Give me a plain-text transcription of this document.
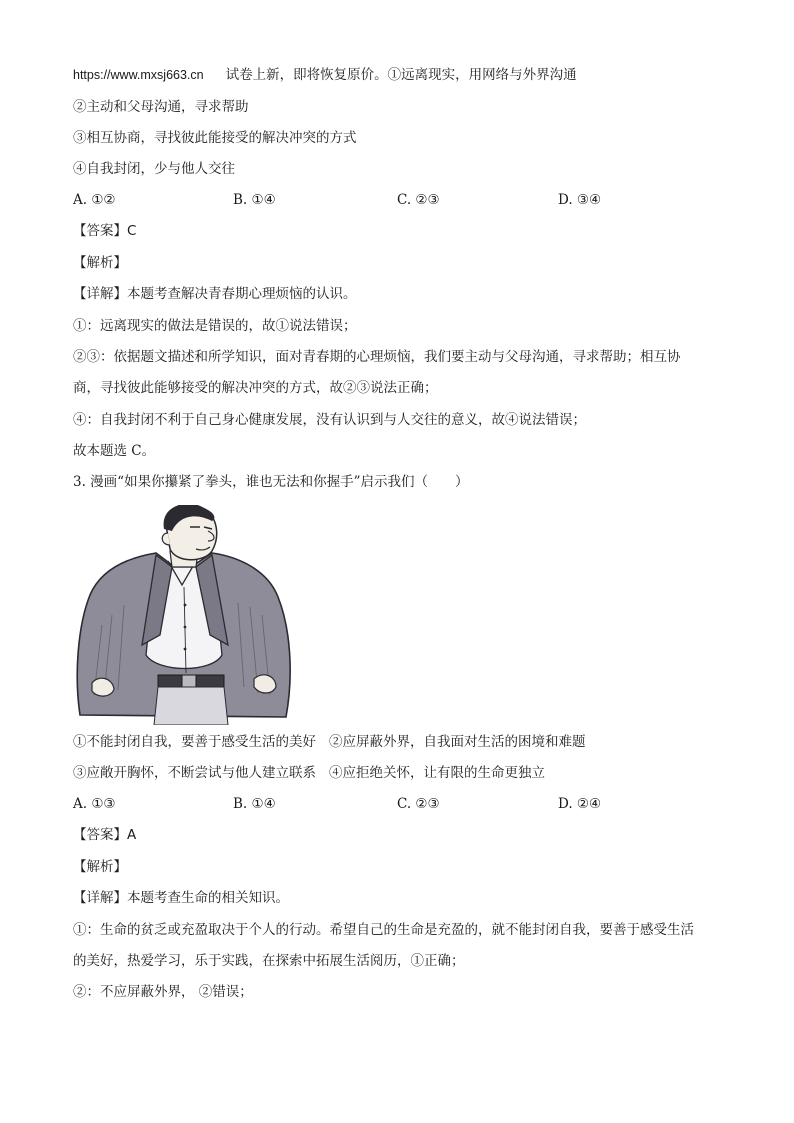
https://www.mxsj663.cn 试卷上新，即将恢复原价。①远离现实，用网络与外界沟通
②主动和父母沟通，寻求帮助
③相互协商，寻找彼此能接受的解决冲突的方式
④自我封闭，少与他人交往
A. ①②	B. ①④	C. ②③	D. ③④
【答案】C
【解析】
【详解】本题考查解决青春期心理烦恼的认识。
①：远离现实的做法是错误的，故①说法错误；
②③：依据题文描述和所学知识，面对青春期的心理烦恼，我们要主动与父母沟通，寻求帮助；相互协
商，寻找彼此能够接受的解决冲突的方式，故②③说法正确；
④：自我封闭不利于自己身心健康发展，没有认识到与人交往的意义，故④说法错误；
故本题选 C。
3. 漫画“如果你攥紧了拳头，谁也无法和你握手”启示我们（　　）
①不能封闭自我，要善于感受生活的美好 ②应屏蔽外界，自我面对生活的困境和难题
③应敞开胸怀，不断尝试与他人建立联系 ④应拒绝关怀，让有限的生命更独立
A. ①③	B. ①④	C. ②③	D. ②④
【答案】A
【解析】
【详解】本题考查生命的相关知识。
①：生命的贫乏或充盈取决于个人的行动。希望自己的生命是充盈的，就不能封闭自我，要善于感受生活
的美好，热爱学习，乐于实践，在探索中拓展生活阅历，①正确；
②：不应屏蔽外界， ②错误；
